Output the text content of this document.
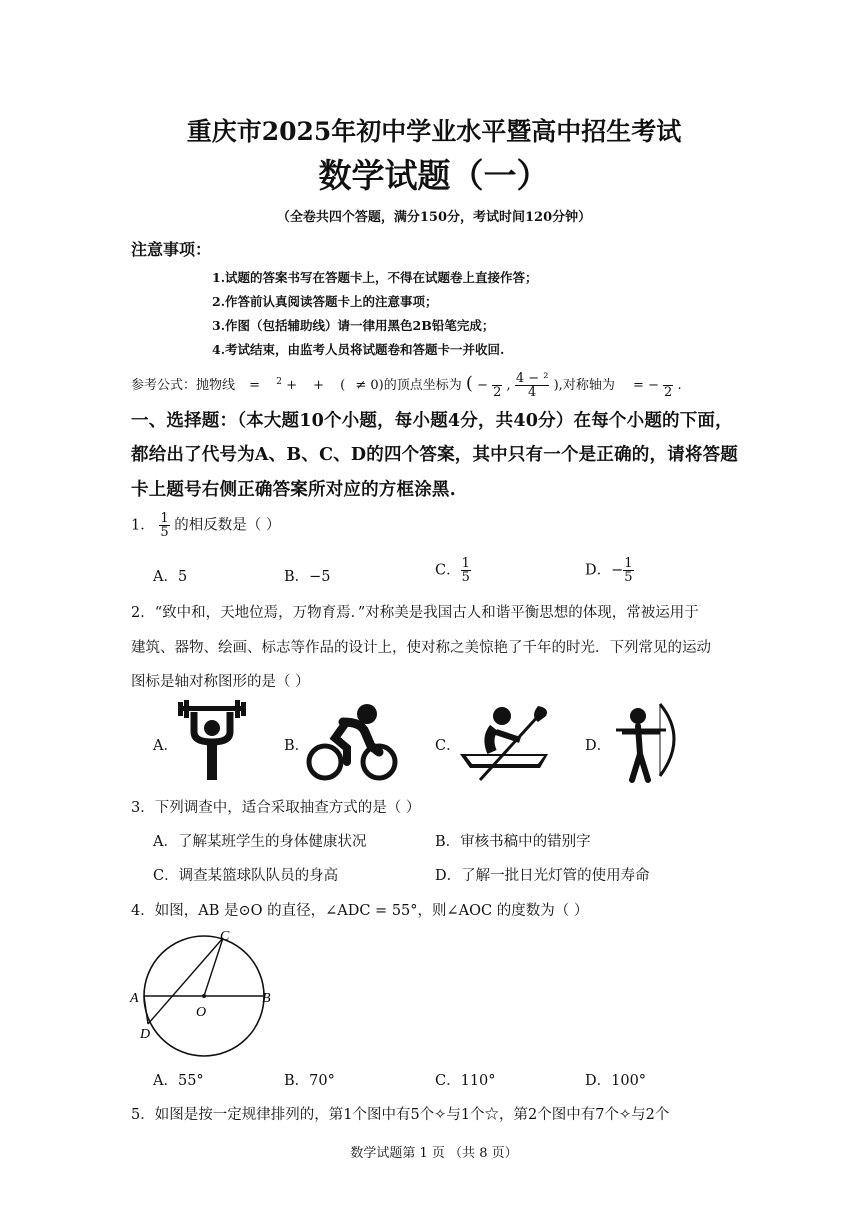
重庆市2025年初中学业水平暨高中招生考试
数学试题（一）
（全卷共四个答题，满分150分，考试时间120分钟）
注意事项：
1.试题的答案书写在答题卡上，不得在试题卷上直接作答；
2.作答前认真阅读答题卡上的注意事项；
3.作图（包括辅助线）请一律用黑色2B铅笔完成；
4.考试结束，由监考人员将试题卷和答题卡一并收回.
参考公式：抛物线 = $^2$ + + ( ≠ 0)的顶点坐标为 ( −
2 , $\frac{\text{4 − ²}}{4}$ ),对称轴为 = −
2 .
一、选择题：（本大题10个小题，每小题4分，共40分）在每个小题的下面，
都给出了代号为A、B、C、D的四个答案，其中只有一个是正确的，请将答题
卡上题号右侧正确答案所对应的方框涂黑.
1． $\frac{1}{5}$ 的相反数是（ ）
A．5	B．−5	C． $\frac{1}{5}$	D．− $\frac{1}{5}$
2．“致中和，天地位焉，万物育焉．”对称美是我国古人和谐平衡思想的体现，常被运用于
建筑、器物、绘画、标志等作品的设计上，使对称之美惊艳了千年的时光．下列常见的运动
图标是轴对称图形的是（ ）
A．	B．	C．	D．
3．下列调查中，适合采取抽查方式的是（ ）
A．了解某班学生的身体健康状况	B．审核书稿中的错别字
C．调查某篮球队队员的身高	D．了解一批日光灯管的使用寿命
4．如图，AB 是⊙O 的直径，∠ADC = 55°，则∠AOC 的度数为（ ）
C
A	B
O
D
A．55°	B．70°	C．110°	D．100°
5．如图是按一定规律排列的，第1个图中有5个✧与1个☆，第2个图中有7个✧与2个
数学试题第 1 页 （共 8 页）
